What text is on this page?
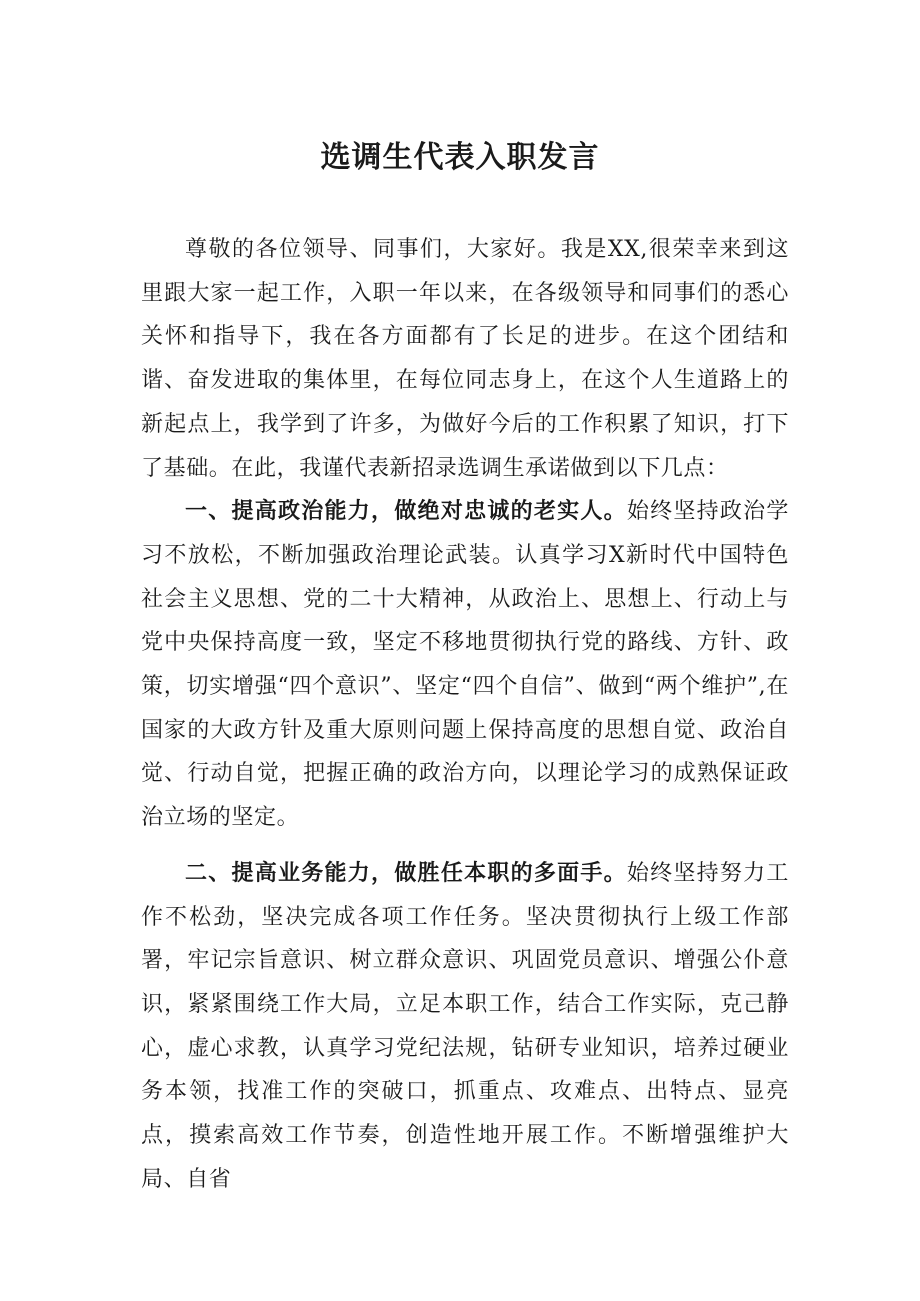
选调生代表入职发言

尊敬的各位领导、同事们，大家好。我是XX,很荣幸来到这里跟大家一起工作，入职一年以来，在各级领导和同事们的悉心关怀和指导下，我在各方面都有了长足的进步。在这个团结和谐、奋发进取的集体里，在每位同志身上，在这个人生道路上的新起点上，我学到了许多，为做好今后的工作积累了知识，打下了基础。在此，我谨代表新招录选调生承诺做到以下几点：

一、提高政治能力，做绝对忠诚的老实人。始终坚持政治学习不放松，不断加强政治理论武装。认真学习X新时代中国特色社会主义思想、党的二十大精神，从政治上、思想上、行动上与党中央保持高度一致，坚定不移地贯彻执行党的路线、方针、政策，切实增强“四个意识”、坚定“四个自信”、做到“两个维护”,在国家的大政方针及重大原则问题上保持高度的思想自觉、政治自觉、行动自觉，把握正确的政治方向，以理论学习的成熟保证政治立场的坚定。

二、提高业务能力，做胜任本职的多面手。始终坚持努力工作不松劲，坚决完成各项工作任务。坚决贯彻执行上级工作部署，牢记宗旨意识、树立群众意识、巩固党员意识、增强公仆意识，紧紧围绕工作大局，立足本职工作，结合工作实际，克己静心，虚心求教，认真学习党纪法规，钻研专业知识，培养过硬业务本领，找准工作的突破口，抓重点、攻难点、出特点、显亮点，摸索高效工作节奏，创造性地开展工作。不断增强维护大局、自省
